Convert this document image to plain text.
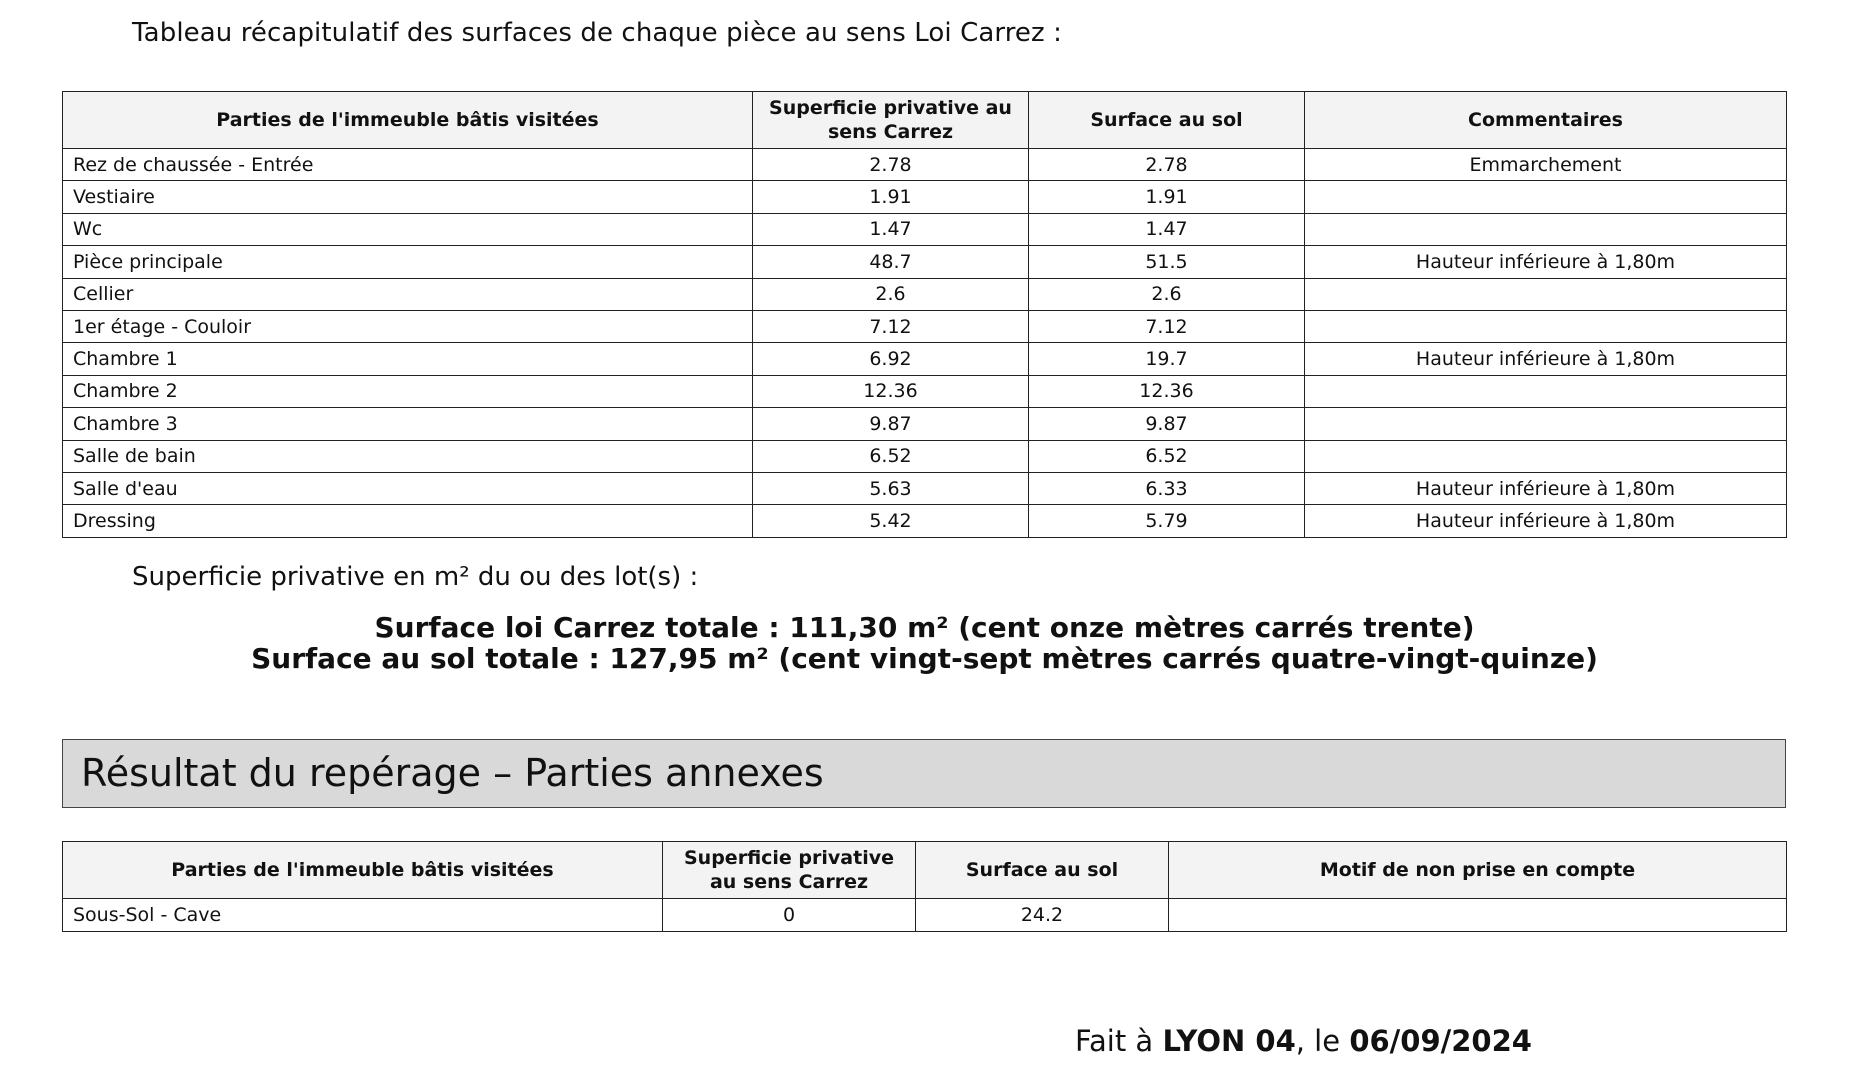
Tableau récapitulatif des surfaces de chaque pièce au sens Loi Carrez :
Parties de l'immeuble bâtis visitées	Superficie privative au
sens Carrez	Surface au sol	Commentaires
Rez de chaussée - Entrée	2.78	2.78	Emmarchement
Vestiaire	1.91	1.91	
Wc	1.47	1.47	
Pièce principale	48.7	51.5	Hauteur inférieure à 1,80m
Cellier	2.6	2.6	
1er étage - Couloir	7.12	7.12	
Chambre 1	6.92	19.7	Hauteur inférieure à 1,80m
Chambre 2	12.36	12.36	
Chambre 3	9.87	9.87	
Salle de bain	6.52	6.52	
Salle d'eau	5.63	6.33	Hauteur inférieure à 1,80m
Dressing	5.42	5.79	Hauteur inférieure à 1,80m
Superficie privative en m² du ou des lot(s) :
Surface loi Carrez totale : 111,30 m² (cent onze mètres carrés trente)
Surface au sol totale : 127,95 m² (cent vingt-sept mètres carrés quatre-vingt-quinze)
Résultat du repérage – Parties annexes
Parties de l'immeuble bâtis visitées	Superficie privative
au sens Carrez	Surface au sol	Motif de non prise en compte
Sous-Sol - Cave	0	24.2	
Fait à LYON 04, le 06/09/2024
